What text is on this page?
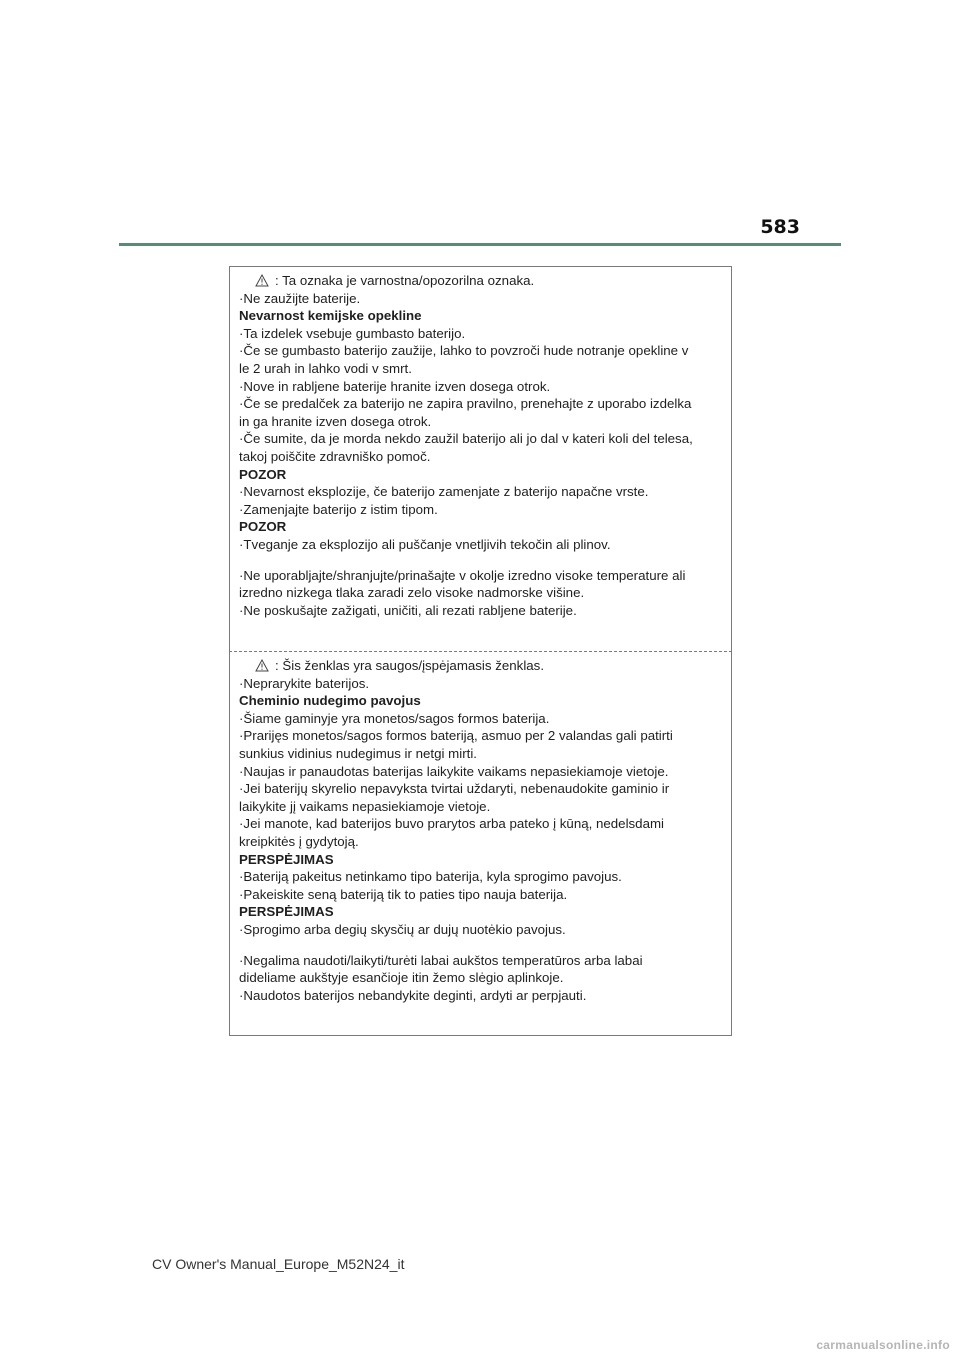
583
: Ta oznaka je varnostna/opozorilna oznaka.
·Ne zaužijte baterije.
Nevarnost kemijske opekline
·Ta izdelek vsebuje gumbasto baterijo.
·Če se gumbasto baterijo zaužije, lahko to povzroči hude notranje opekline v
le 2 urah in lahko vodi v smrt.
·Nove in rabljene baterije hranite izven dosega otrok.
·Če se predalček za baterijo ne zapira pravilno, prenehajte z uporabo izdelka
in ga hranite izven dosega otrok.
·Če sumite, da je morda nekdo zaužil baterijo ali jo dal v kateri koli del telesa,
takoj poiščite zdravniško pomoč.
POZOR
·Nevarnost eksplozije, če baterijo zamenjate z baterijo napačne vrste.
·Zamenjajte baterijo z istim tipom.
POZOR
·Tveganje za eksplozijo ali puščanje vnetljivih tekočin ali plinov.
·Ne uporabljajte/shranjujte/prinašajte v okolje izredno visoke temperature ali
izredno nizkega tlaka zaradi zelo visoke nadmorske višine.
·Ne poskušajte zažigati, uničiti, ali rezati rabljene baterije.
: Šis ženklas yra saugos/įspėjamasis ženklas.
·Neprarykite baterijos.
Cheminio nudegimo pavojus
·Šiame gaminyje yra monetos/sagos formos baterija.
·Prarijęs monetos/sagos formos bateriją, asmuo per 2 valandas gali patirti
sunkius vidinius nudegimus ir netgi mirti.
·Naujas ir panaudotas baterijas laikykite vaikams nepasiekiamoje vietoje.
·Jei baterijų skyrelio nepavyksta tvirtai uždaryti, nebenaudokite gaminio ir
laikykite jį vaikams nepasiekiamoje vietoje.
·Jei manote, kad baterijos buvo prarytos arba pateko į kūną, nedelsdami
kreipkitės į gydytoją.
PERSPĖJIMAS
·Bateriją pakeitus netinkamo tipo baterija, kyla sprogimo pavojus.
·Pakeiskite seną bateriją tik to paties tipo nauja baterija.
PERSPĖJIMAS
·Sprogimo arba degių skysčių ar dujų nuotėkio pavojus.
·Negalima naudoti/laikyti/turėti labai aukštos temperatūros arba labai
dideliame aukštyje esančioje itin žemo slėgio aplinkoje.
·Naudotos baterijos nebandykite deginti, ardyti ar perpjauti.
CV Owner's Manual_Europe_M52N24_it
carmanualsonline.info
